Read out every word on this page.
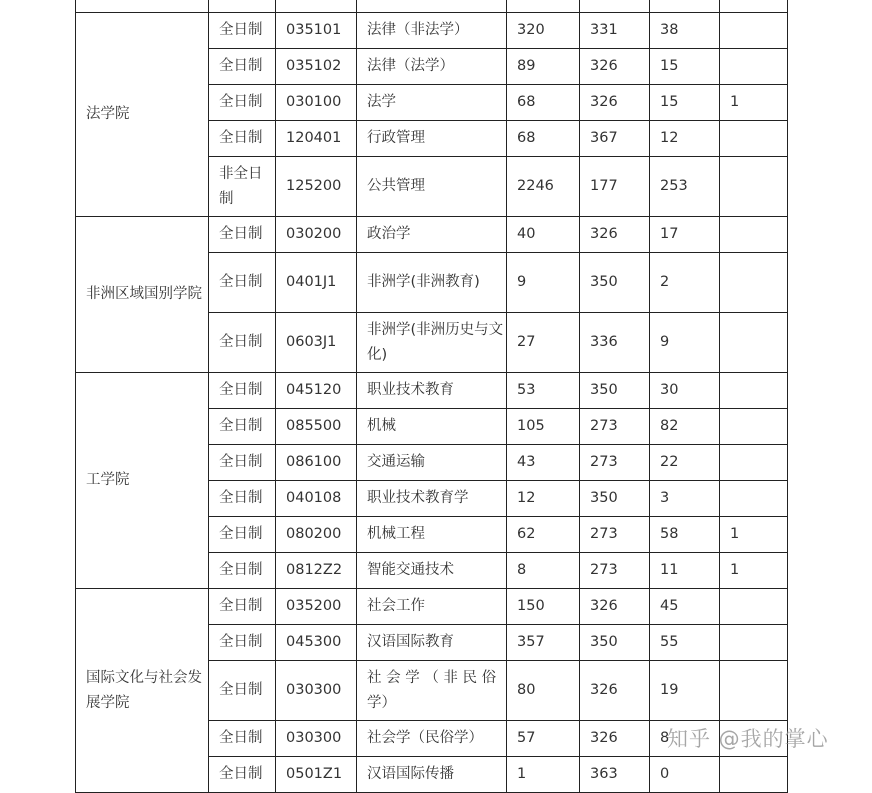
法学院	全日制	035101	法律（非法学）	320	331	38	
	全日制	035102	法律（法学）	89	326	15	
	全日制	030100	法学	68	326	15	1
	全日制	120401	行政管理	68	367	12	
	非全日制	125200	公共管理	2246	177	253	
非洲区域国别学院	全日制	030200	政治学	40	326	17	
	全日制	0401J1	非洲学(非洲教育)	9	350	2	
	全日制	0603J1	非洲学(非洲历史与文化)	27	336	9	
工学院	全日制	045120	职业技术教育	53	350	30	
	全日制	085500	机械	105	273	82	
	全日制	086100	交通运输	43	273	22	
	全日制	040108	职业技术教育学	12	350	3	
	全日制	080200	机械工程	62	273	58	1
	全日制	0812Z2	智能交通技术	8	273	11	1
国际文化与社会发展学院	全日制	035200	社会工作	150	326	45	
	全日制	045300	汉语国际教育	357	350	55	
	全日制	030300	社 会 学 （ 非 民 俗 学）	80	326	19	
	全日制	030300	社会学（民俗学）	57	326	8	
	全日制	0501Z1	汉语国际传播	1	363	0	
知乎 @我的掌心
